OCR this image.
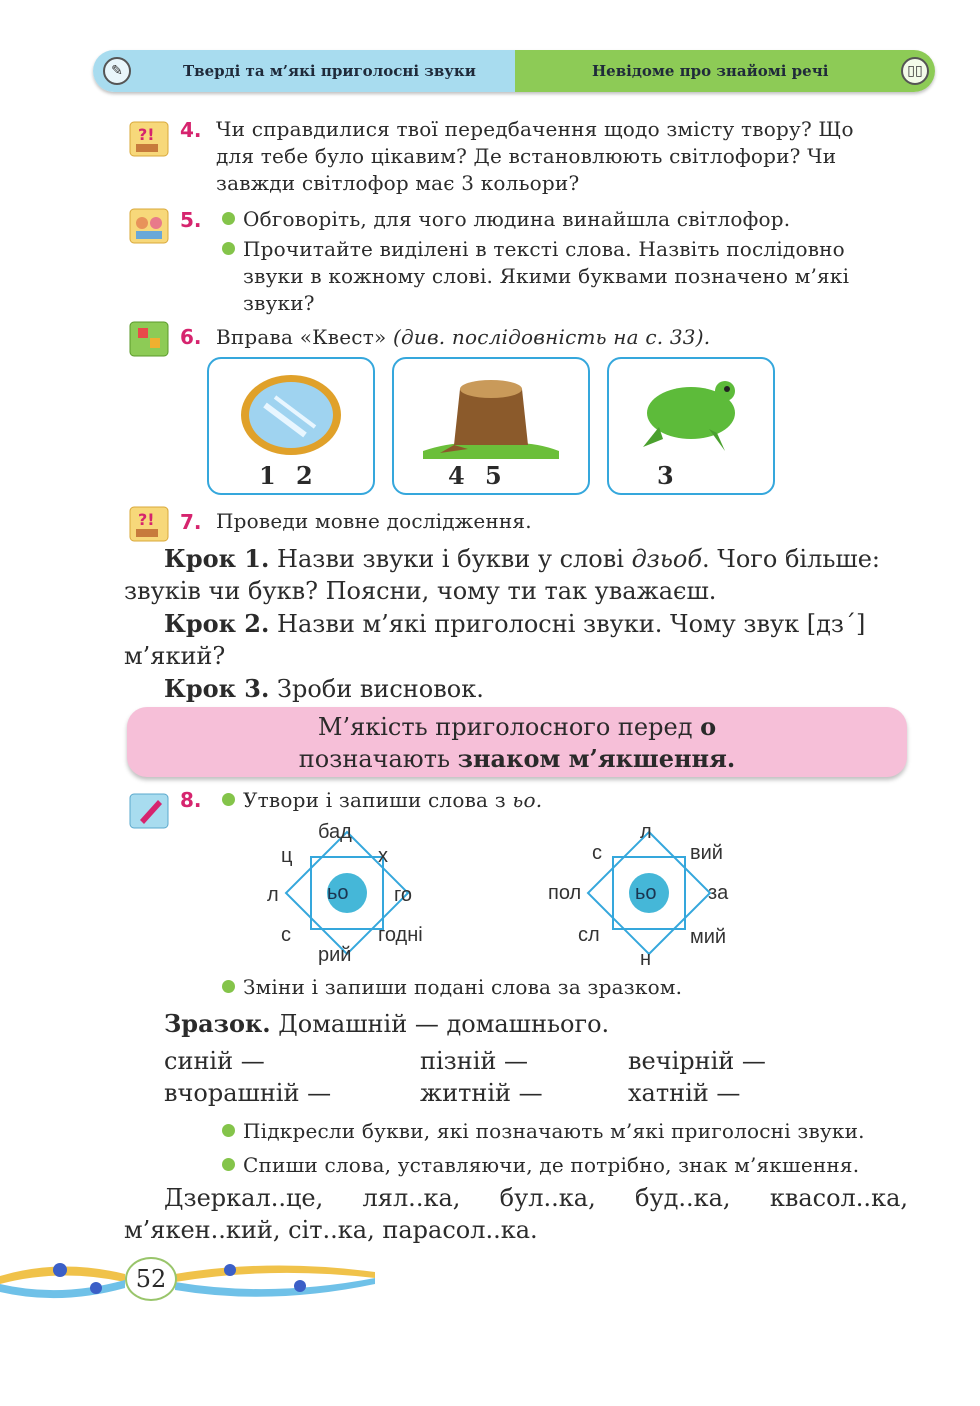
✎	Тверді та м’які приголосні звуки	Невідоме про знайомі речі	▯▯
?! 4. Чи справдилися твої передбачення щодо змісту твору? Що
для тебе було цікавим? Де встановлюють світлофори? Чи
завжди світлофор має 3 кольори?
5.	Обговоріть, для чого людина винайшла світлофор.
Прочитайте виділені в тексті слова. Назвіть послідовно
звуки в кожному слові. Якими буквами позначено м’які
звуки?
6. Вправа «Квест» (див. послідовність на с. 33).
1 2	4 5	3
?! 7. Проведи мовне дослідження.
Крок 1. Назви звуки і букви у слові дзьоб. Чого більше:
звуків чи букв? Поясни, чому ти так уважаєш.
Крок 2. Назви м’які приголосні звуки. Чому звук [дз´]
м’який?
Крок 3. Зроби висновок.
М’якість приголосного перед о
позначають знаком м’якшення.
8.	Утвори і запиши слова з ьо.
ьо
бад
х
го
годні
рий
с
л
ц
ьо
л
вий
за
мий
н
сл
пол
с
Зміни і запиши подані слова за зразком.
Зразок. Домашній — домашнього.
синій —	пізній —	вечірній —
вчорашній —	житній —	хатній —
Підкресли букви, які позначають м’які приголосні звуки.
Спиши слова, уставляючи, де потрібно, знак м’якшення.
Дзеркал..це, лял..ка, бул..ка, буд..ка, квасол..ка,
м’якен..кий, сіт..ка, парасол..ка.
52
